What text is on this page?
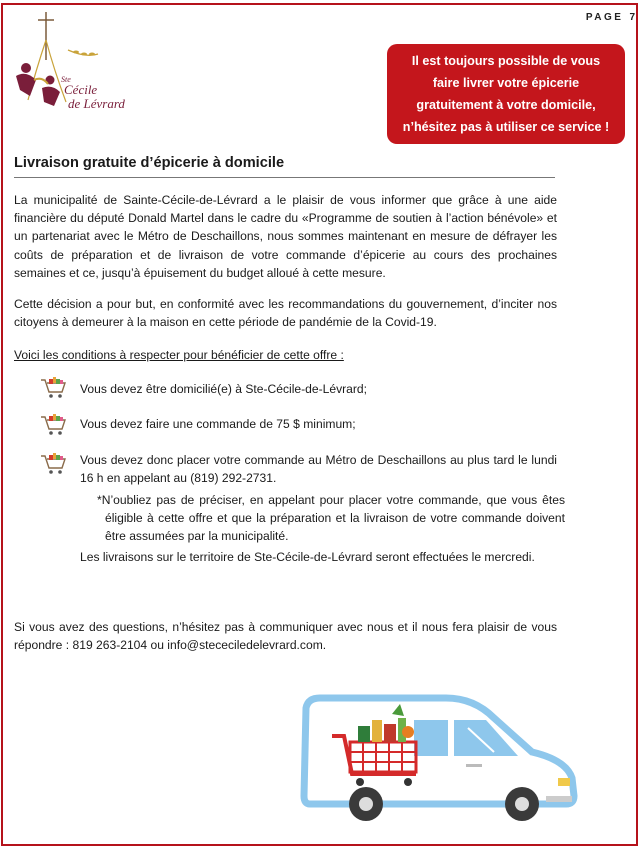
PAGE 7
Ste
Cécile
de Lévrard
Il est toujours possible de vous faire livrer votre épicerie gratuitement à votre domicile, n’hésitez pas à utiliser ce service !
Livraison gratuite d’épicerie à domicile

La municipalité de Sainte-Cécile-de-Lévrard a le plaisir de vous informer que grâce à une aide financière du député Donald Martel dans le cadre du «Programme de soutien à l’action bénévole» et un partenariat avec le Métro de Deschaillons, nous sommes maintenant en mesure de défrayer les coûts de préparation et de livraison de votre commande d’épicerie au cours des prochaines semaines et ce, jusqu’à épuisement du budget alloué à cette mesure.

Cette décision a pour but, en conformité avec les recommandations du gouvernement, d’inciter nos citoyens à demeurer à la maison en cette période de pandémie de la Covid-19.

Voici les conditions à respecter pour bénéficier de cette offre :

Vous devez être domicilié(e) à Ste-Cécile-de-Lévrard;

Vous devez faire une commande de 75 $ minimum;

Vous devez donc placer votre commande au Métro de Deschaillons au plus tard le lundi 16 h en appelant au (819) 292-2731.

*N’oubliez pas de préciser, en appelant pour placer votre commande, que vous êtes éligible à cette offre et que la préparation et la livraison de votre commande doivent être assumées par la municipalité.

Les livraisons sur le territoire de Ste-Cécile-de-Lévrard seront effectuées le mercredi.

Si vous avez des questions, n’hésitez pas à communiquer avec nous et il nous fera plaisir de vous répondre : 819 263-2104 ou info@stececiledelevrard.com.
